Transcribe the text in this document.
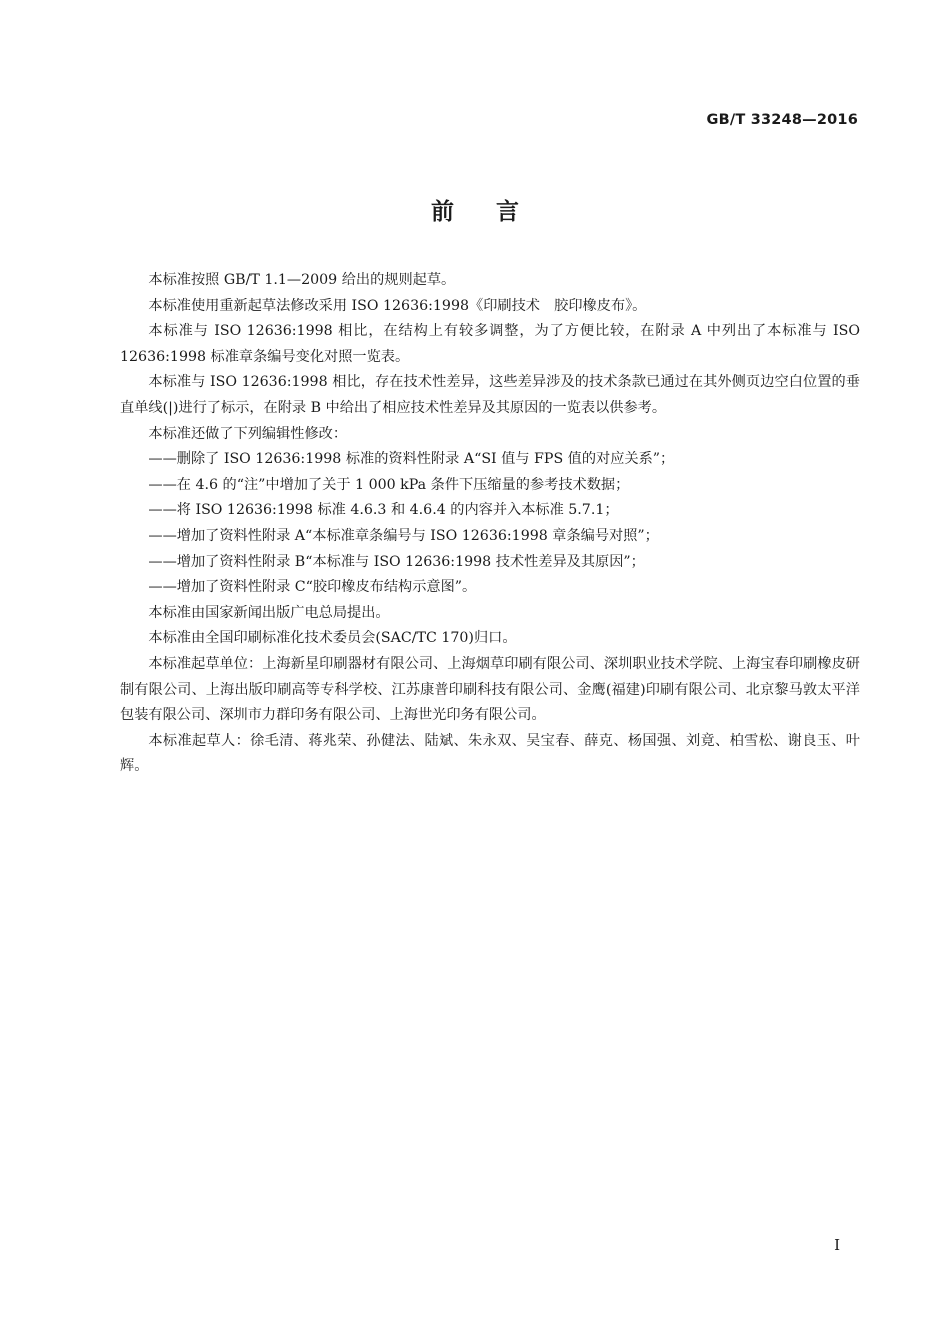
GB/T 33248—2016
前言

本标准按照 GB/T 1.1—2009 给出的规则起草。

本标准使用重新起草法修改采用 ISO 12636:1998《印刷技术　胶印橡皮布》。

本标准与 ISO 12636:1998 相比，在结构上有较多调整，为了方便比较，在附录 A 中列出了本标准与 ISO 12636:1998 标准章条编号变化对照一览表。

本标准与 ISO 12636:1998 相比，存在技术性差异，这些差异涉及的技术条款已通过在其外侧页边空白位置的垂直单线(|)进行了标示，在附录 B 中给出了相应技术性差异及其原因的一览表以供参考。

本标准还做了下列编辑性修改：

——删除了 ISO 12636:1998 标准的资料性附录 A“SI 值与 FPS 值的对应关系”；

——在 4.6 的“注”中增加了关于 1 000 kPa 条件下压缩量的参考技术数据；

——将 ISO 12636:1998 标准 4.6.3 和 4.6.4 的内容并入本标准 5.7.1；

——增加了资料性附录 A“本标准章条编号与 ISO 12636:1998 章条编号对照”；

——增加了资料性附录 B“本标准与 ISO 12636:1998 技术性差异及其原因”；

——增加了资料性附录 C“胶印橡皮布结构示意图”。

本标准由国家新闻出版广电总局提出。

本标准由全国印刷标准化技术委员会(SAC/TC 170)归口。

本标准起草单位：上海新星印刷器材有限公司、上海烟草印刷有限公司、深圳职业技术学院、上海宝春印刷橡皮研制有限公司、上海出版印刷高等专科学校、江苏康普印刷科技有限公司、金鹰(福建)印刷有限公司、北京黎马敦太平洋包装有限公司、深圳市力群印务有限公司、上海世光印务有限公司。

本标准起草人：徐毛清、蒋兆荣、孙健法、陆斌、朱永双、吴宝春、薛克、杨国强、刘竟、柏雪松、谢良玉、叶辉。

I
